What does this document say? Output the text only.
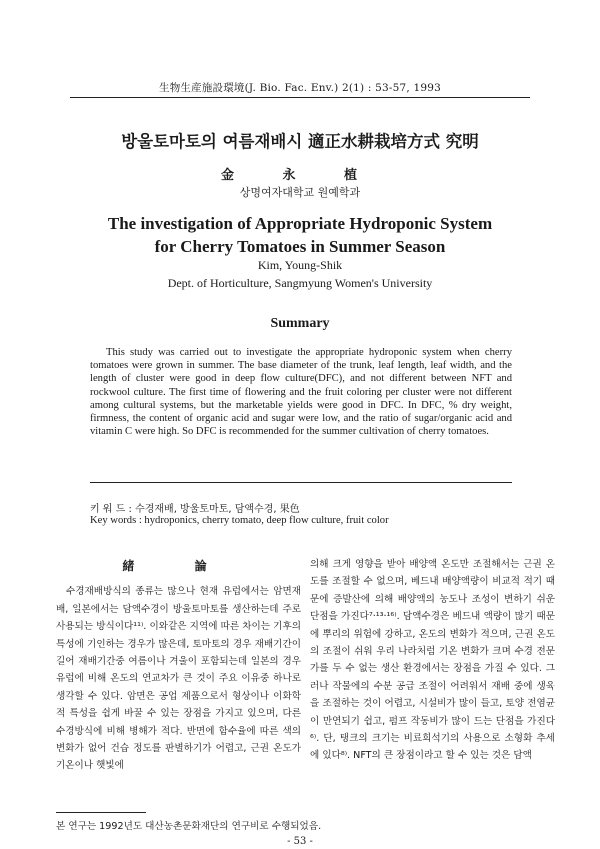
生物生産施設環境(J. Bio. Fac. Env.) 2(1) : 53-57, 1993
방울토마토의 여름재배시 適正水耕栽培方式 究明
金 永 植
상명여자대학교 원예학과
The investigation of Appropriate Hydroponic System
for Cherry Tomatoes in Summer Season
Kim, Young-Shik
Dept. of Horticulture, Sangmyung Women's University
Summary
This study was carried out to investigate the appropriate hydroponic system when cherry tomatoes were grown in summer. The base diameter of the trunk, leaf length, leaf width, and the length of cluster were good in deep flow culture(DFC), and not different between NFT and rockwool culture. The first time of flowering and the fruit coloring per cluster were not different among cultural systems, but the marketable yields were good in DFC. In DFC, % dry weight, firmness, the content of organic acid and sugar were low, and the ratio of sugar/organic acid and vitamin C were high. So DFC is recommended for the summer cultivation of cherry tomatoes.
키 워 드 : 수경재배, 방울토마토, 담액수경, 果色
Key words : hydroponics, cherry tomato, deep flow culture, fruit color
緒 論

수경재배방식의 종류는 많으나 현재 유럽에서는 암면재배, 일본에서는 담액수경이 방울토마토를 생산하는데 주로 사용되는 방식이다¹¹⁾. 이와같은 지역에 따른 차이는 기후의 특성에 기인하는 경우가 많은데, 토마토의 경우 재배기간이 길어 재배기간중 여름이나 겨울이 포함되는데 일본의 경우 유럽에 비해 온도의 연교차가 큰 것이 주요 이유중 하나로 생각할 수 있다. 암면은 공업 제품으로서 형상이나 이화학적 특성을 쉽게 바꿀 수 있는 장점을 가지고 있으며, 다른 수경방식에 비해 병해가 적다. 반면에 함수율에 따른 색의 변화가 없어 건습 정도를 판별하기가 어렵고, 근권 온도가 기온이나 햇빛에

의해 크게 영향을 받아 배양액 온도만 조절해서는 근권 온도를 조절할 수 없으며, 베드내 배양액량이 비교적 적기 때문에 증발산에 의해 배양액의 농도나 조성이 변하기 쉬운 단점을 가진다⁷·¹³·¹⁶⁾. 담액수경은 베드내 액량이 많기 때문에 뿌리의 위험에 강하고, 온도의 변화가 적으며, 근권 온도의 조절이 쉬워 우리 나라처럼 기온 변화가 크며 수경 전문가를 두 수 없는 생산 환경에서는 장점을 가질 수 있다. 그러나 작물에의 수분 공급 조절이 어려워서 재배 중에 생육을 조절하는 것이 어렵고, 시설비가 많이 들고, 토양 전염균이 만연되기 쉽고, 펌프 작동비가 많이 드는 단점을 가진다⁶⁾. 단, 탱크의 크기는 비료희석기의 사용으로 소형화 추세에 있다⁸⁾. NFT의 큰 장점이라고 할 수 있는 것은 담액

본 연구는 1992년도 대산농촌문화재단의 연구비로 수행되었음.
- 53 -
